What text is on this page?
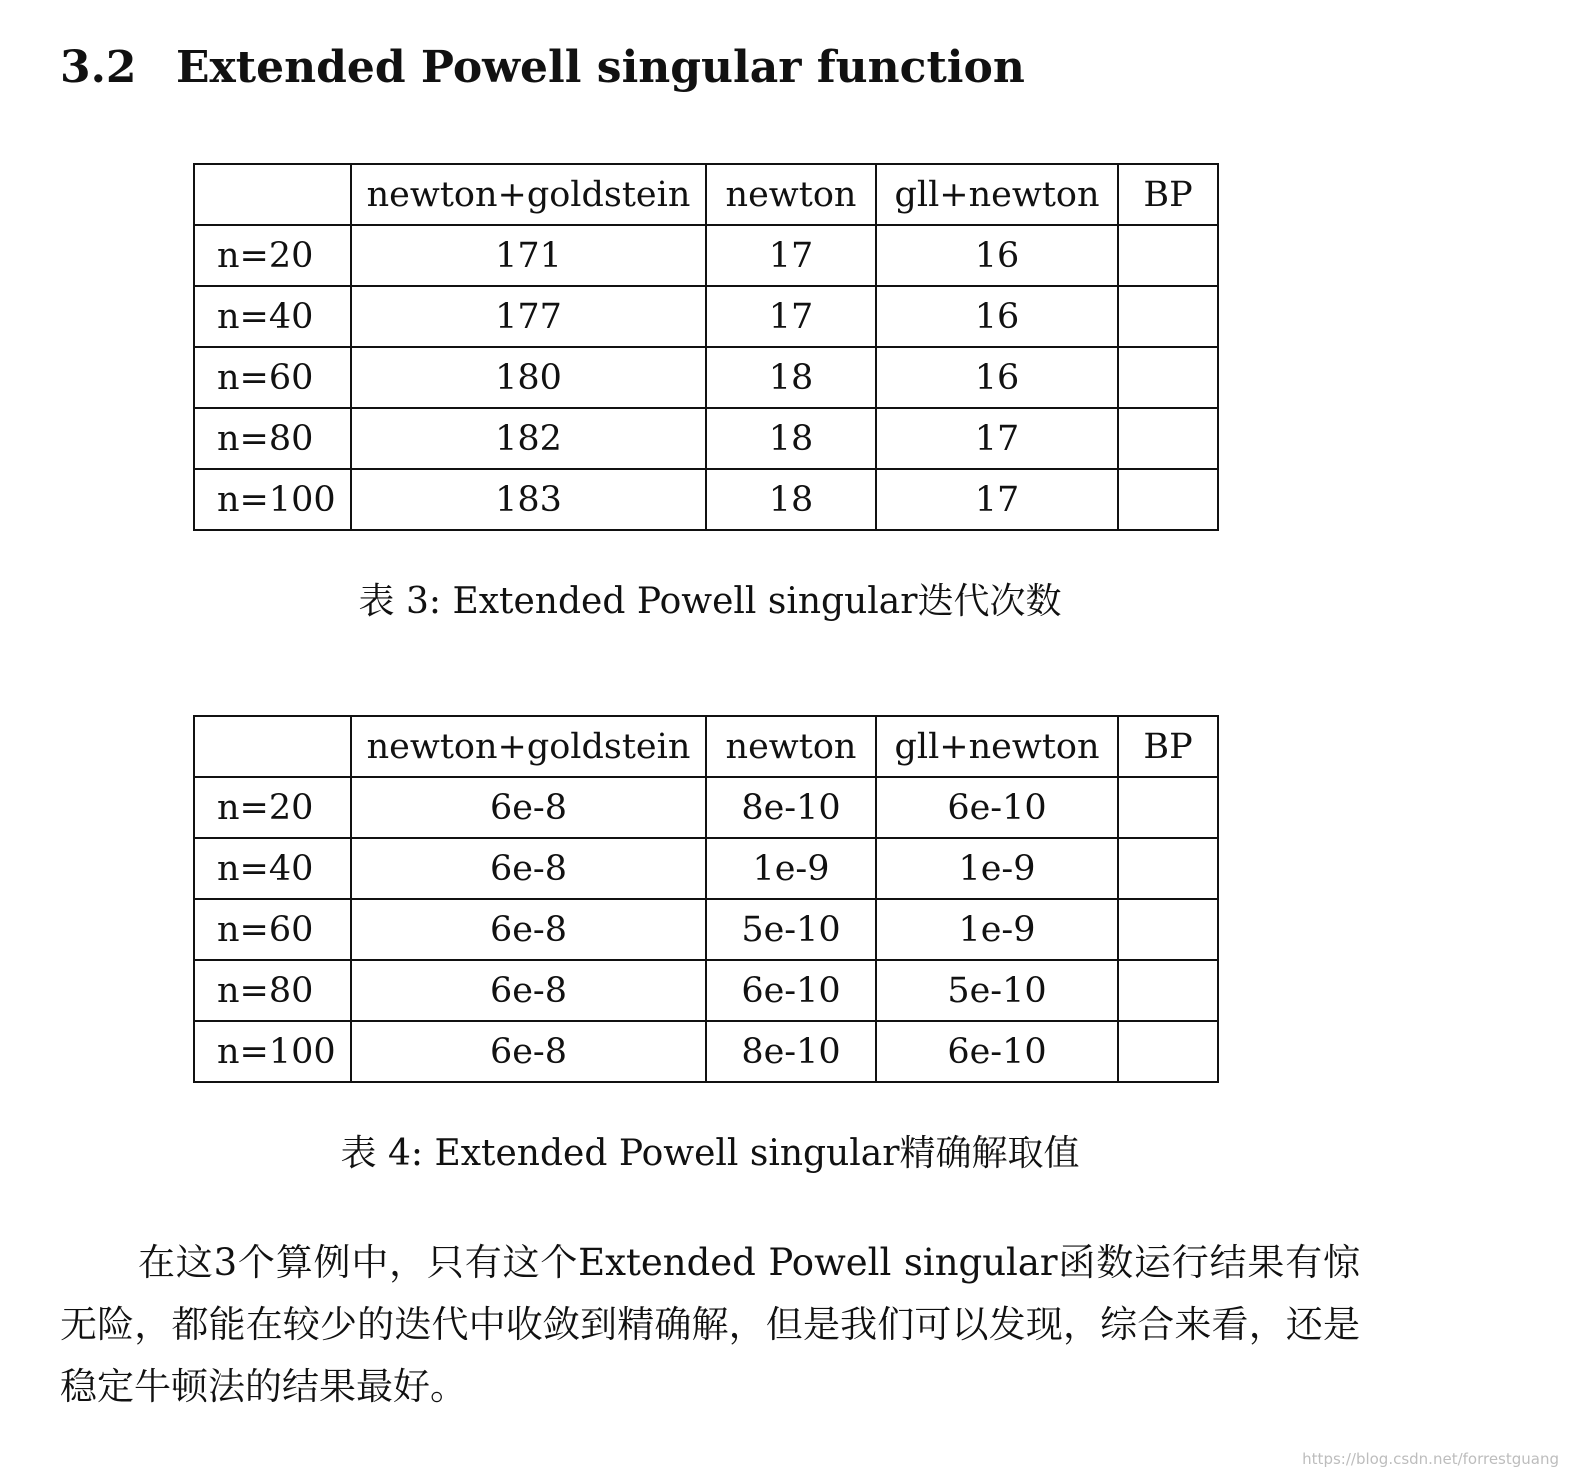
3.2 Extended Powell singular function
	newton+goldstein	newton	gll+newton	BP
n=20	171	17	16	
n=40	177	17	16	
n=60	180	18	16	
n=80	182	18	17	
n=100	183	18	17	
表 3: Extended Powell singular迭代次数
	newton+goldstein	newton	gll+newton	BP
n=20	6e-8	8e-10	6e-10	
n=40	6e-8	1e-9	1e-9	
n=60	6e-8	5e-10	1e-9	
n=80	6e-8	6e-10	5e-10	
n=100	6e-8	8e-10	6e-10	
表 4: Extended Powell singular精确解取值

在这3个算例中，只有这个Extended Powell singular函数运行结果有惊无险，都能在较少的迭代中收敛到精确解，但是我们可以发现，综合来看，还是稳定牛顿法的结果最好。

https://blog.csdn.net/forrestguang
